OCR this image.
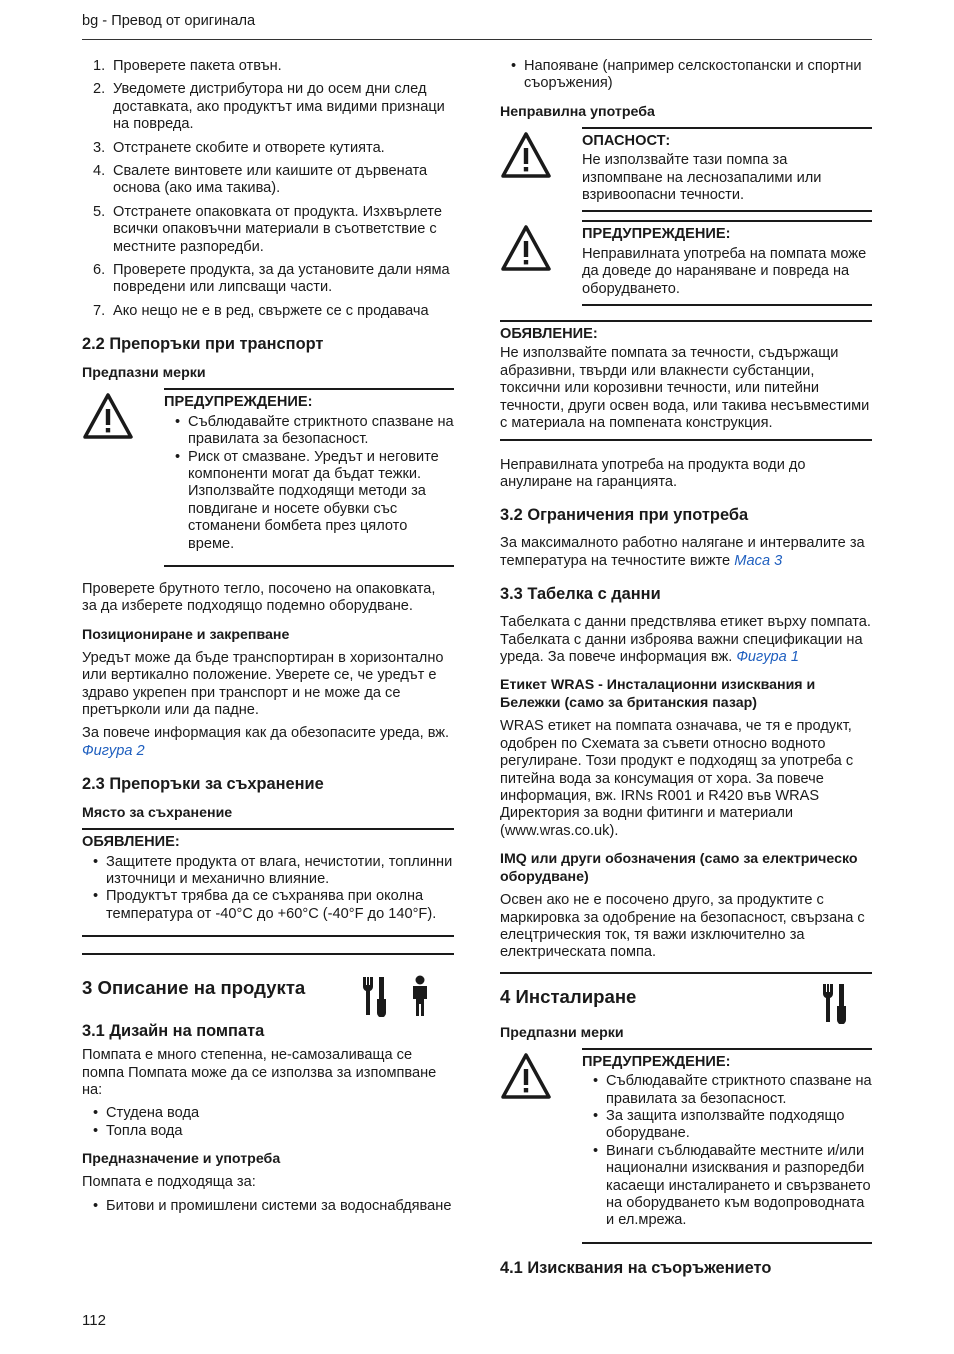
bg - Превод от оригинала
1. Проверете пакета отвън.
2. Уведомете дистрибутора ни до осем дни след доставката, ако продуктът има видими признаци на повреда.
3. Отстранете скобите и отворете кутията.
4. Свалете винтовете или каишите от дървената основа (ако има такива).
5. Отстранете опаковката от продукта. Изхвърлете всички опаковъчни материали в съответствие с местните разпоредби.
6. Проверете продукта, за да установите дали няма повредени или липсващи части.
7. Ако нещо не е в ред, свържете се с продавача
2.2 Препоръки при транспорт
Предпазни мерки
ПРЕДУПРЕЖДЕНИЕ:
• Съблюдавайте стриктното спазване на правилата за безопасност.
• Риск от смазване. Уредът и неговите компоненти могат да бъдат тежки. Използвайте подходящи методи за повдигане и носете обувки със стоманени бомбета през цялото време.

Проверете брутното тегло, посочено на опаковката, за да изберете подходящо подемно оборудване.

Позициониране и закрепване

Уредът може да бъде транспортиран в хоризонтално или вертикално положение. Уверете се, че уредът е здраво укрепен при транспорт и не може да се претърколи или да падне.

За повече информация как да обезопасите уреда, вж. Фигура 2

2.3 Препоръки за съхранение
Място за съхранение
ОБЯВЛЕНИЕ:
• Защитете продукта от влага, нечистотии, топлинни източници и механично влияние.
• Продуктът трябва да се съхранява при околна температура от -40°C до +60°C (-40°F до 140°F).
3 Описание на продукта
3.1 Дизайн на помпата

Помпата е много степенна, не-самозаливаща се помпа Помпата може да се използва за изпомпване на:

• Студена вода
• Топла вода
Предназначение и употреба

Помпата е подходяща за:

• Битови и промишлени системи за водоснабдяване
• Напояване (например селскостопански и спортни съоръжения)
Неправилна употреба
ОПАСНОСТ:
Не използвайте тази помпа за изпомпване на леснозапалими или взривоопасни течности.
ПРЕДУПРЕЖДЕНИЕ:
Неправилната употреба на помпата може да доведе до нараняване и повреда на оборудването.
ОБЯВЛЕНИЕ:
Не използвайте помпата за течности, съдържащи абразивни, твърди или влакнести субстанции, токсични или корозивни течности, или питейни течности, други освен вода, или такива несъвместими с материала на помпената конструкция.

Неправилната употреба на продукта води до анулиране на гаранцията.

3.2 Ограничения при употреба

За максималното работно налягане и интервалите за температура на течностите вижте Маса 3

3.3 Табелка с данни

Табелката с данни предствлява етикет върху помпата. Табелката с данни изброява важни спецификации на уреда. За повече информация вж. Фигура 1

Етикет WRAS - Инсталационни изисквания и Бележки (само за британския пазар)

WRAS етикет на помпата означава, че тя е продукт, одобрен по Схемата за съвети относно водното регулиране. Този продукт е подходящ за употреба с питейна вода за консумация от хора. За повече информация, вж. IRNs R001 и R420 във WRAS Директория за водни фитинги и материали (www.wras.co.uk).

IMQ или други обозначения (само за електрическо оборудване)

Освен ако не е посочено друго, за продуктите с маркировка за одобрение на безопасност, свързана с елецтрическия ток, тя важи изключително за електрическата помпа.

4 Инсталиране
Предпазни мерки
ПРЕДУПРЕЖДЕНИЕ:
• Съблюдавайте стриктното спазване на правилата за безопасност.
• За защита използвайте подходящо оборудване.
• Винаги съблюдавайте местните и/или национални изисквания и разпоредби касаещи инсталирането и свързването на оборудването към водопроводната и ел.мрежа.
4.1 Изисквания на съоръжението
112
